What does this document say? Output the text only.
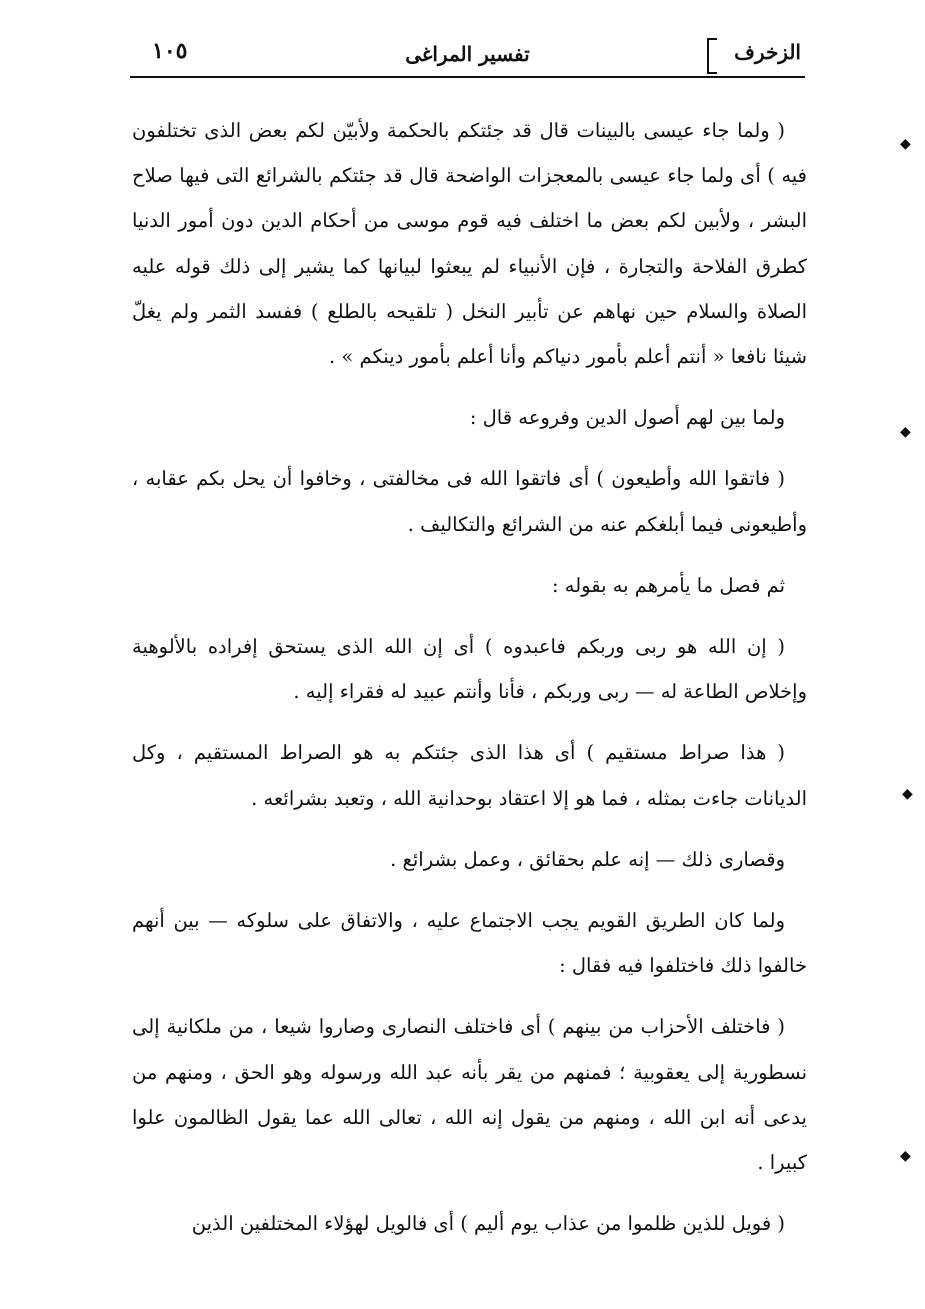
١٠٥	تفسير المراغى	الزخرف

( ولما جاء عيسى بالبينات قال قد جئتكم بالحكمة ولأبيّن لكم بعض الذى تختلفون فيه ) أى ولما جاء عيسى بالمعجزات الواضحة قال قد جئتكم بالشرائع التى فيها صلاح البشر ، ولأبين لكم بعض ما اختلف فيه قوم موسى من أحكام الدين دون أمور الدنيا كطرق الفلاحة والتجارة ، فإن الأنبياء لم يبعثوا لبيانها كما يشير إلى ذلك قوله عليه الصلاة والسلام حين نهاهم عن تأبير النخل ( تلقيحه بالطلع ) ففسد الثمر ولم يغلّ شيئا نافعا « أنتم أعلم بأمور دنياكم وأنا أعلم بأمور دينكم » .

ولما بين لهم أصول الدين وفروعه قال :

( فاتقوا الله وأطيعون ) أى فاتقوا الله فى مخالفتى ، وخافوا أن يحل بكم عقابه ، وأطيعونى فيما أبلغكم عنه من الشرائع والتكاليف .

ثم فصل ما يأمرهم به بقوله :

( إن الله هو ربى وربكم فاعبدوه ) أى إن الله الذى يستحق إفراده بالألوهية وإخلاص الطاعة له — ربى وربكم ، فأنا وأنتم عبيد له فقراء إليه .

( هذا صراط مستقيم ) أى هذا الذى جئتكم به هو الصراط المستقيم ، وكل الديانات جاءت بمثله ، فما هو إلا اعتقاد بوحدانية الله ، وتعبد بشرائعه .

وقصارى ذلك — إنه علم بحقائق ، وعمل بشرائع .

ولما كان الطريق القويم يجب الاجتماع عليه ، والاتفاق على سلوكه — بين أنهم خالفوا ذلك فاختلفوا فيه فقال :

( فاختلف الأحزاب من بينهم ) أى فاختلف النصارى وصاروا شيعا ، من ملكانية إلى نسطورية إلى يعقوبية ؛ فمنهم من يقر بأنه عبد الله ورسوله وهو الحق ، ومنهم من يدعى أنه ابن الله ، ومنهم من يقول إنه الله ، تعالى الله عما يقول الظالمون علوا كبيرا .

( فويل للذين ظلموا من عذاب يوم أليم ) أى فالويل لهؤلاء المختلفين الذين

◆
◆
◆
◆
